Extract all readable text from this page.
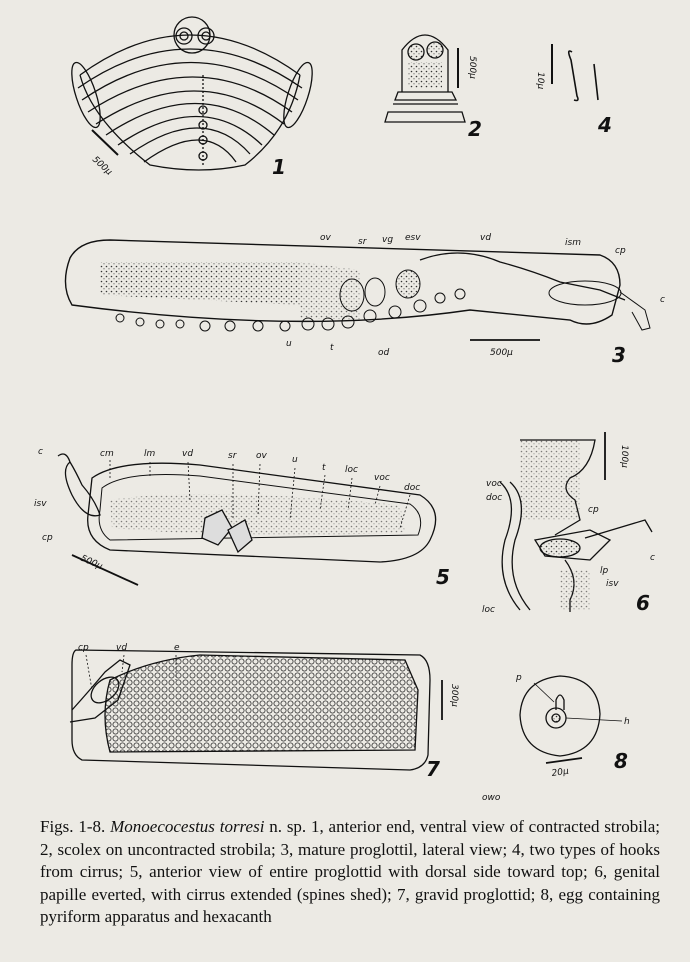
500μ	1
500μ
2
10μ
4
ov	sr vg esv	vd	ism
cp
c
u	t	od	500μ	3
c	cm	lm	vd	sr ov	u
t loc
voc
doc
isv
cp
500μ
5
voc
doc
cp
isv
c
lp
loc
100μ
6
cp	vd	e
300μ
7
p
h
20μ 8
owo
Figs. 1-8. Monoecocestus torresi n. sp. 1, anterior end, ventral view of contracted strobila; 2, scolex on uncontracted strobila; 3, mature proglottil, lateral view; 4, two types of hooks from cirrus; 5, anterior view of entire proglottid with dorsal side toward top; 6, genital papille everted, with cirrus extended (spines shed); 7, gravid proglottid; 8, egg containing pyriform apparatus and hexacanth
